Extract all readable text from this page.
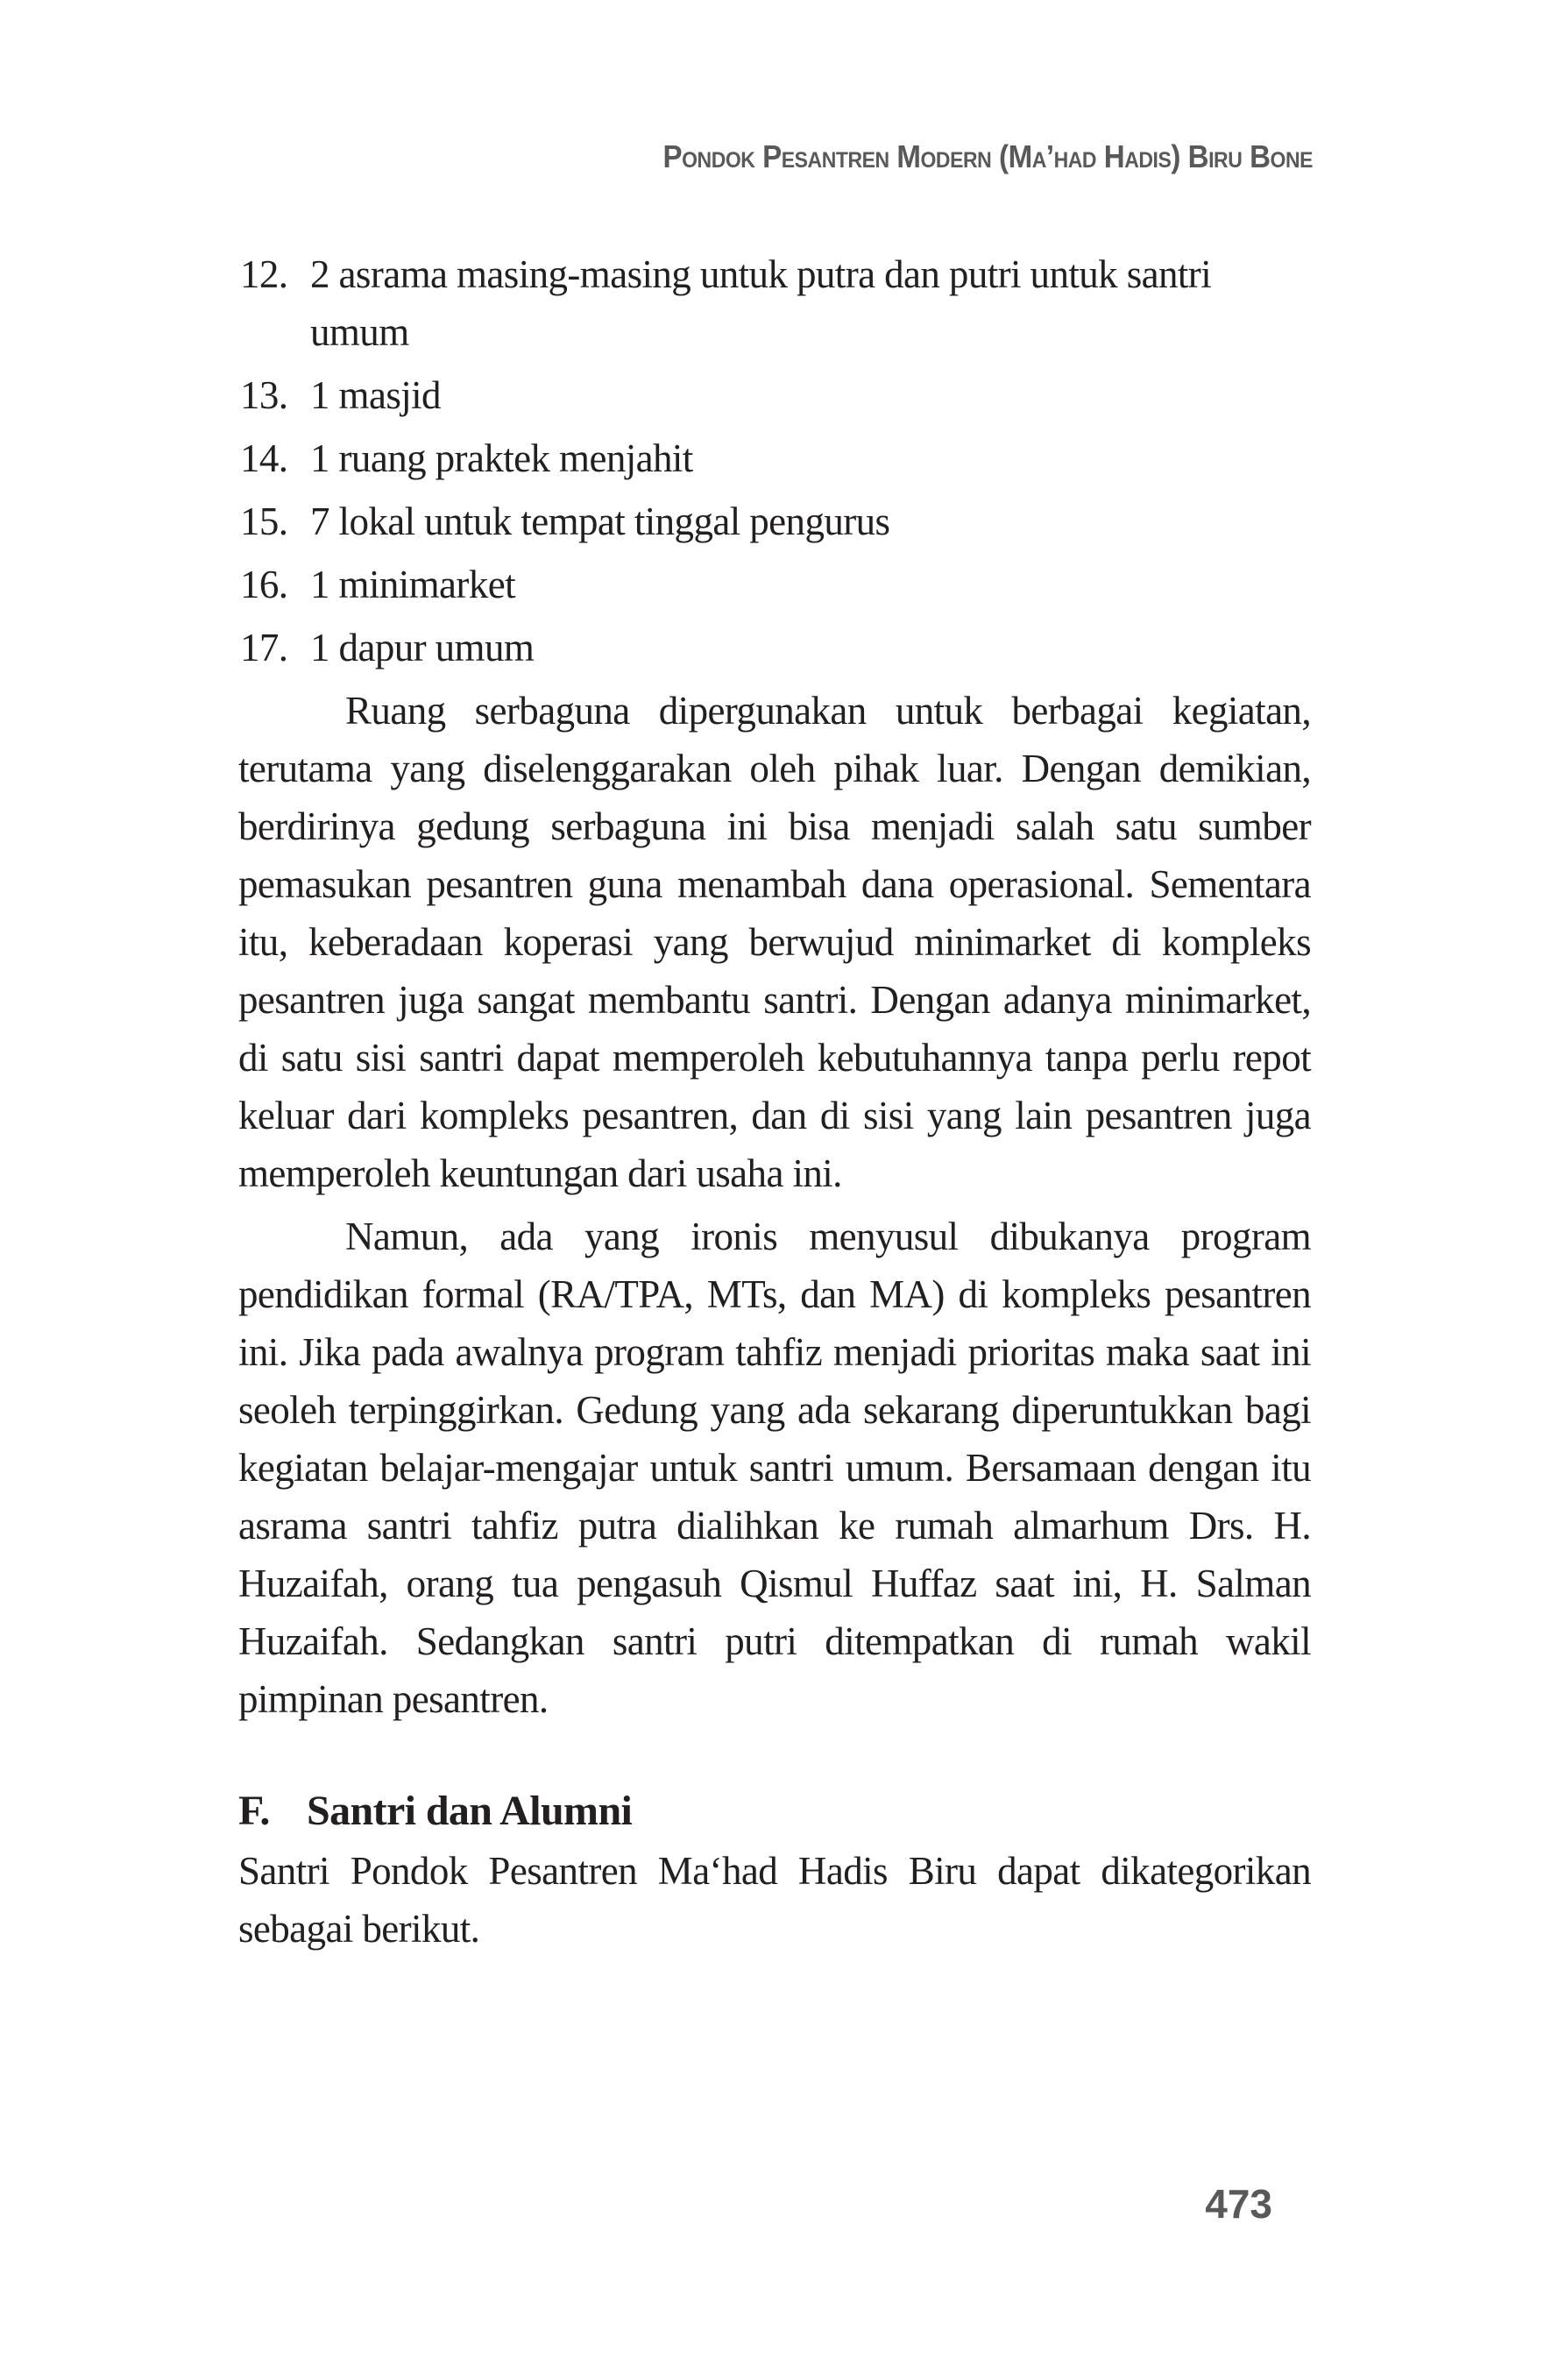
Pondok Pesantren Modern (Ma’had Hadis) Biru Bone
12. 2 asrama masing-masing untuk putra dan putri untuk santri umum
13. 1 masjid
14. 1 ruang praktek menjahit
15. 7 lokal untuk tempat tinggal pengurus
16. 1 minimarket
17. 1 dapur umum

Ruang serbaguna dipergunakan untuk berbagai kegiatan, terutama yang diselenggarakan oleh pihak luar. Dengan demikian, berdirinya gedung serbaguna ini bisa menjadi salah satu sumber pemasukan pesantren guna menambah dana operasional. Sementara itu, keberadaan koperasi yang berwujud minimarket di kompleks pesantren juga sangat membantu santri. Dengan adanya minimarket, di satu sisi santri dapat memperoleh kebutuhannya tanpa perlu repot keluar dari kompleks pesantren, dan di sisi yang lain pesantren juga memperoleh keuntungan dari usaha ini.

Namun, ada yang ironis menyusul dibukanya program pendidikan formal (RA/TPA, MTs, dan MA) di kompleks pesantren ini. Jika pada awalnya program tahfiz menjadi prioritas maka saat ini seoleh terpinggirkan. Gedung yang ada sekarang diperuntukkan bagi kegiatan belajar-mengajar untuk santri umum. Bersamaan dengan itu asrama santri tahfiz putra dialihkan ke rumah almarhum Drs. H. Huzaifah, orang tua pengasuh Qismul Huffaz saat ini, H. Salman Huzaifah. Sedangkan santri putri ditempatkan di rumah wakil pimpinan pesantren.

F. Santri dan Alumni

Santri Pondok Pesantren Ma‘had Hadis Biru dapat dikategorikan sebagai berikut.

473
